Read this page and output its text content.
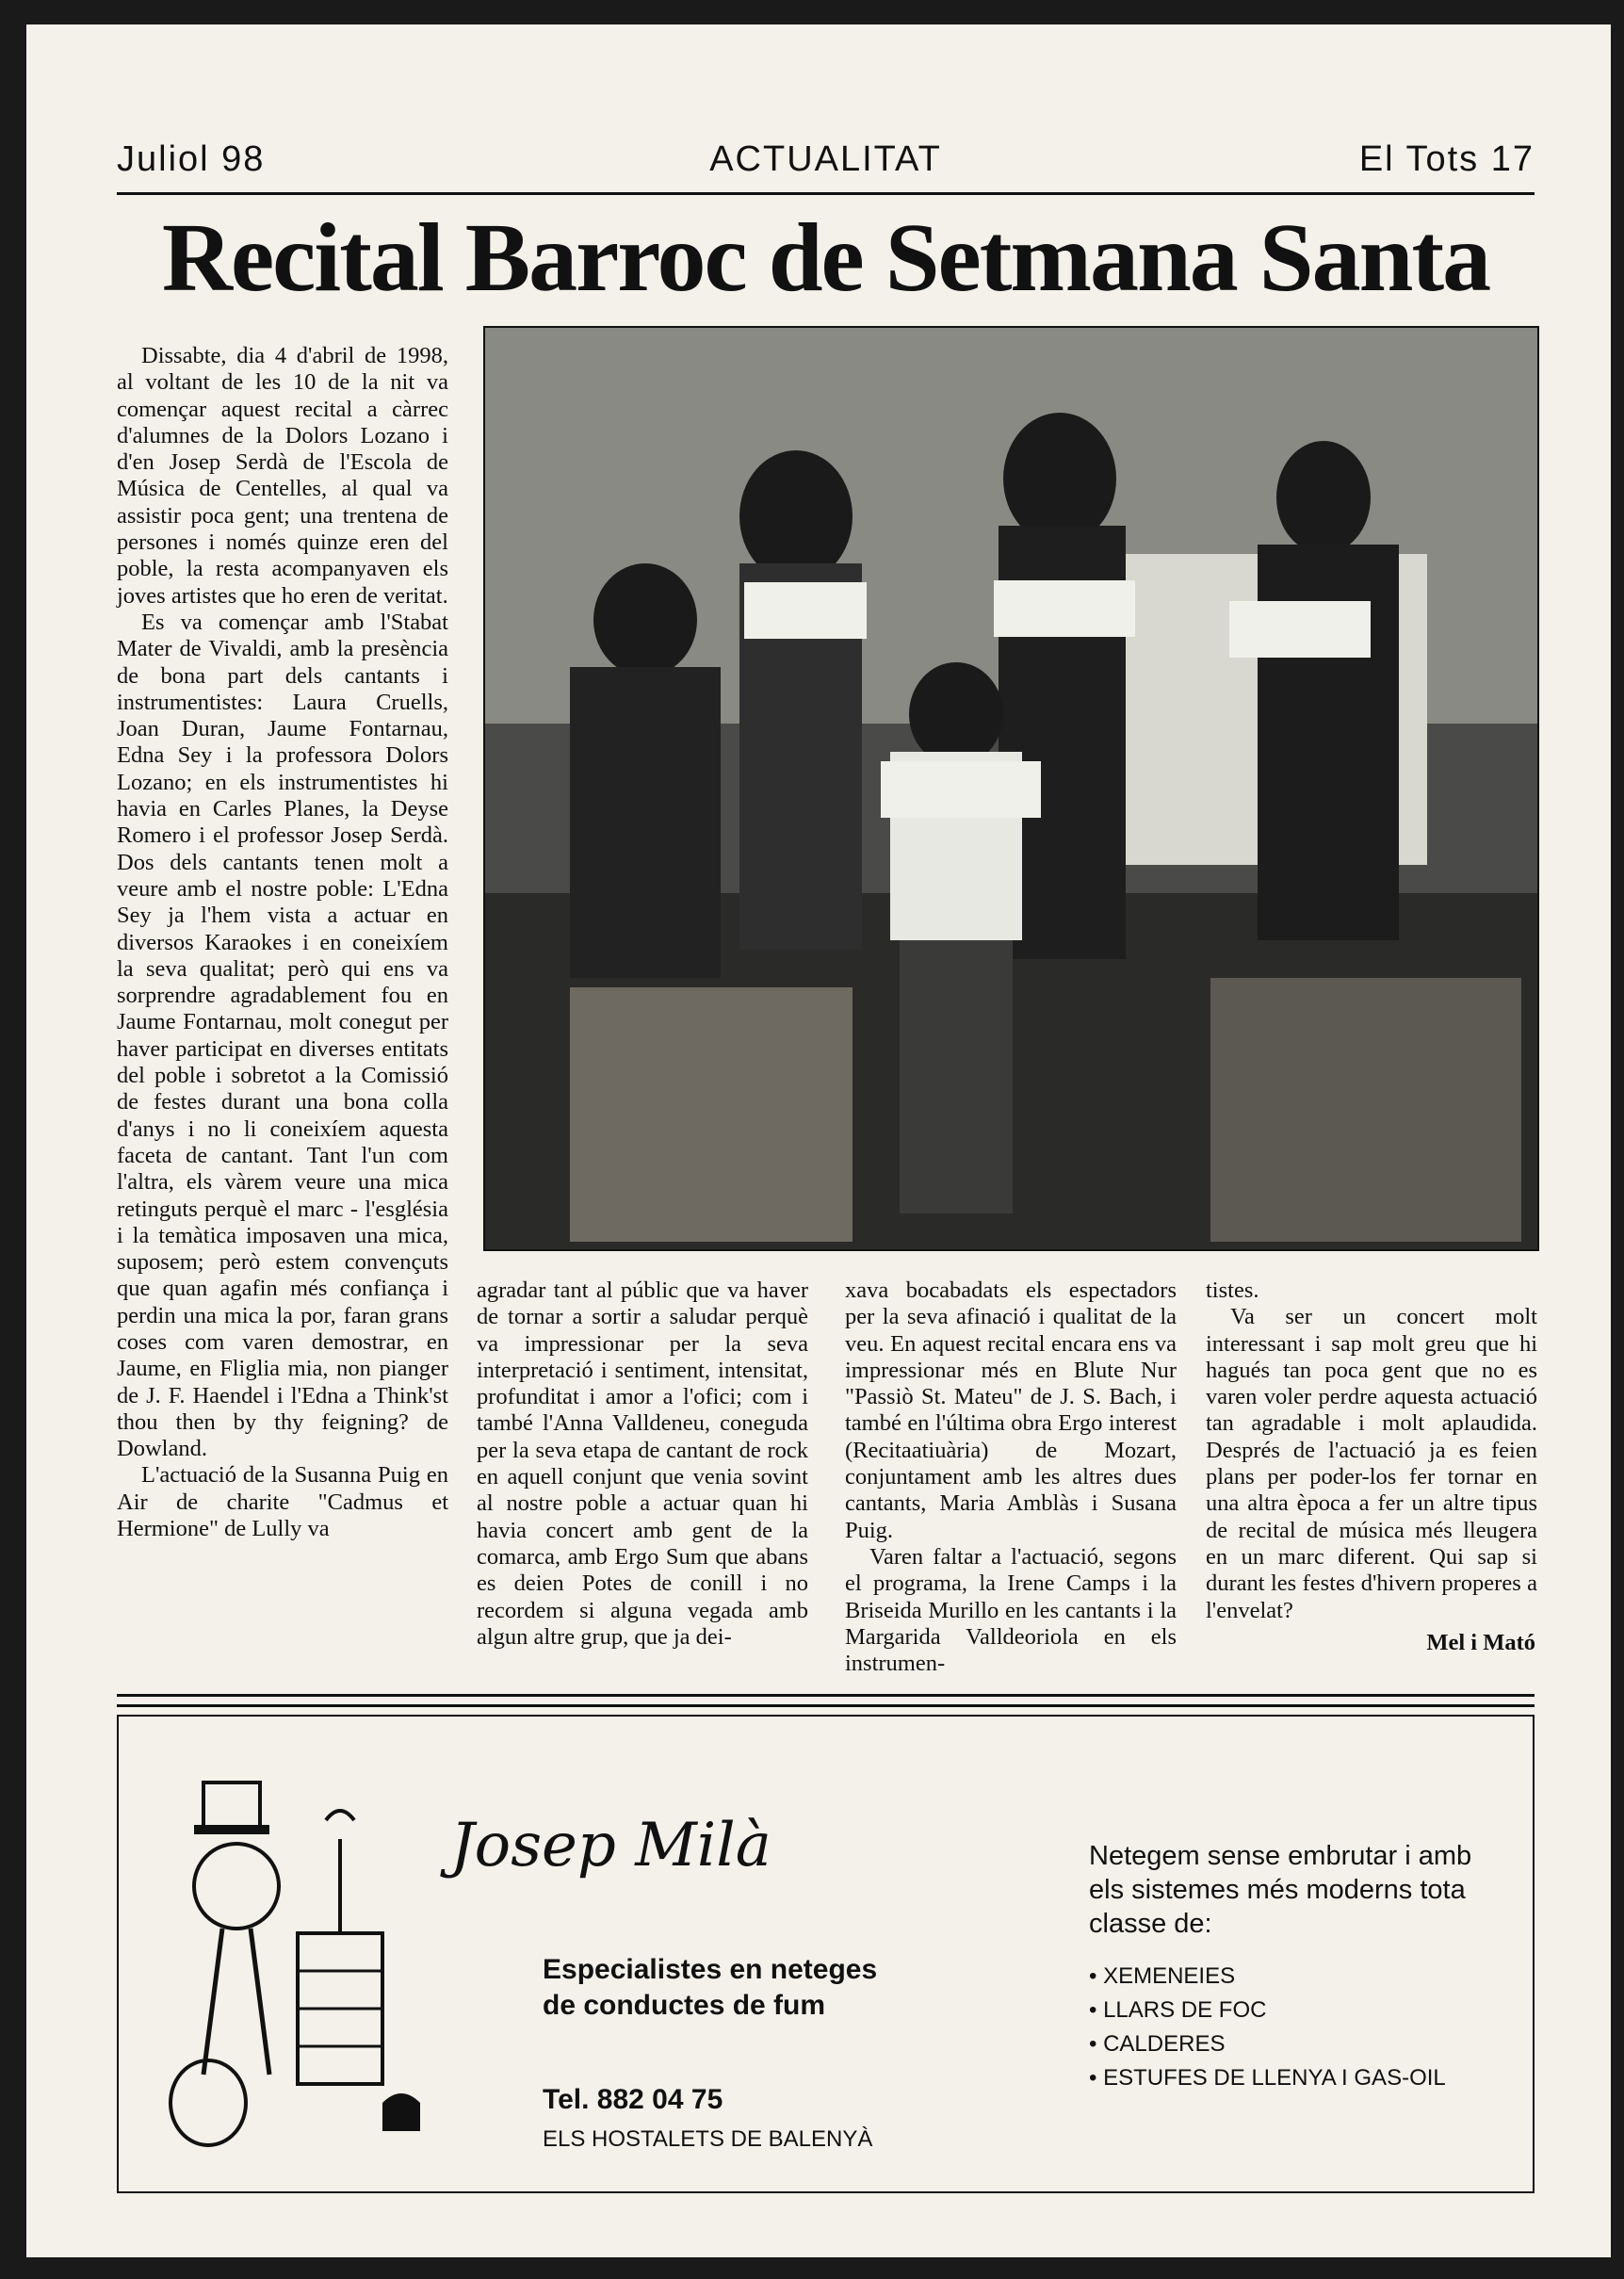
Juliol 98	ACTUALITAT	El Tots 17
Recital Barroc de Setmana Santa

Dissabte, dia 4 d'abril de 1998, al voltant de les 10 de la nit va començar aquest recital a càrrec d'alumnes de la Dolors Lozano i d'en Josep Serdà de l'Escola de Música de Centelles, al qual va assistir poca gent; una trentena de persones i només quinze eren del poble, la resta acompanyaven els joves artistes que ho eren de veritat.

Es va començar amb l'Stabat Mater de Vivaldi, amb la presència de bona part dels cantants i instrumentistes: Laura Cruells, Joan Duran, Jaume Fontarnau, Edna Sey i la professora Dolors Lozano; en els instrumentistes hi havia en Carles Planes, la Deyse Romero i el professor Josep Serdà. Dos dels cantants tenen molt a veure amb el nostre poble: L'Edna Sey ja l'hem vista a actuar en diversos Karaokes i en coneixíem la seva qualitat; però qui ens va sorprendre agradablement fou en Jaume Fontarnau, molt conegut per haver participat en diverses entitats del poble i sobretot a la Comissió de festes durant una bona colla d'anys i no li coneixíem aquesta faceta de cantant. Tant l'un com l'altra, els vàrem veure una mica retinguts perquè el marc - l'església i la temàtica imposaven una mica, suposem; però estem convençuts que quan agafin més confiança i perdin una mica la por, faran grans coses com varen demostrar, en Jaume, en Fliglia mia, non pianger de J. F. Haendel i l'Edna a Think'st thou then by thy feigning? de Dowland.

L'actuació de la Susanna Puig en Air de charite "Cadmus et Hermione" de Lully va

agradar tant al públic que va haver de tornar a sortir a saludar perquè va impressionar per la seva interpretació i sentiment, intensitat, profunditat i amor a l'ofici; com i també l'Anna Valldeneu, coneguda per la seva etapa de cantant de rock en aquell conjunt que venia sovint al nostre poble a actuar quan hi havia concert amb gent de la comarca, amb Ergo Sum que abans es deien Potes de conill i no recordem si alguna vegada amb algun altre grup, que ja dei-

xava bocabadats els espectadors per la seva afinació i qualitat de la veu. En aquest recital encara ens va impressionar més en Blute Nur "Passiò St. Mateu" de J. S. Bach, i també en l'última obra Ergo interest (Recitaatiuària) de Mozart, conjuntament amb les altres dues cantants, Maria Amblàs i Susana Puig.

Varen faltar a l'actuació, segons el programa, la Irene Camps i la Briseida Murillo en les cantants i la Margarida Valldeoriola en els instrumen-

tistes.

Va ser un concert molt interessant i sap molt greu que hi hagués tan poca gent que no es varen voler perdre aquesta actuació tan agradable i molt aplaudida. Després de l'actuació ja es feien plans per poder-los fer tornar en una altra època a fer un altre tipus de recital de música més lleugera en un marc diferent. Qui sap si durant les festes d'hivern properes a l'envelat?

Mel i Mató
Josep Milà
Especialistes en neteges
de conductes de fum
Tel. 882 04 75
ELS HOSTALETS DE BALENYÀ
Netegem sense embrutar i amb els sistemes més moderns tota classe de:
• XEMENEIES
• LLARS DE FOC
• CALDERES
• ESTUFES DE LLENYA I GAS-OIL
